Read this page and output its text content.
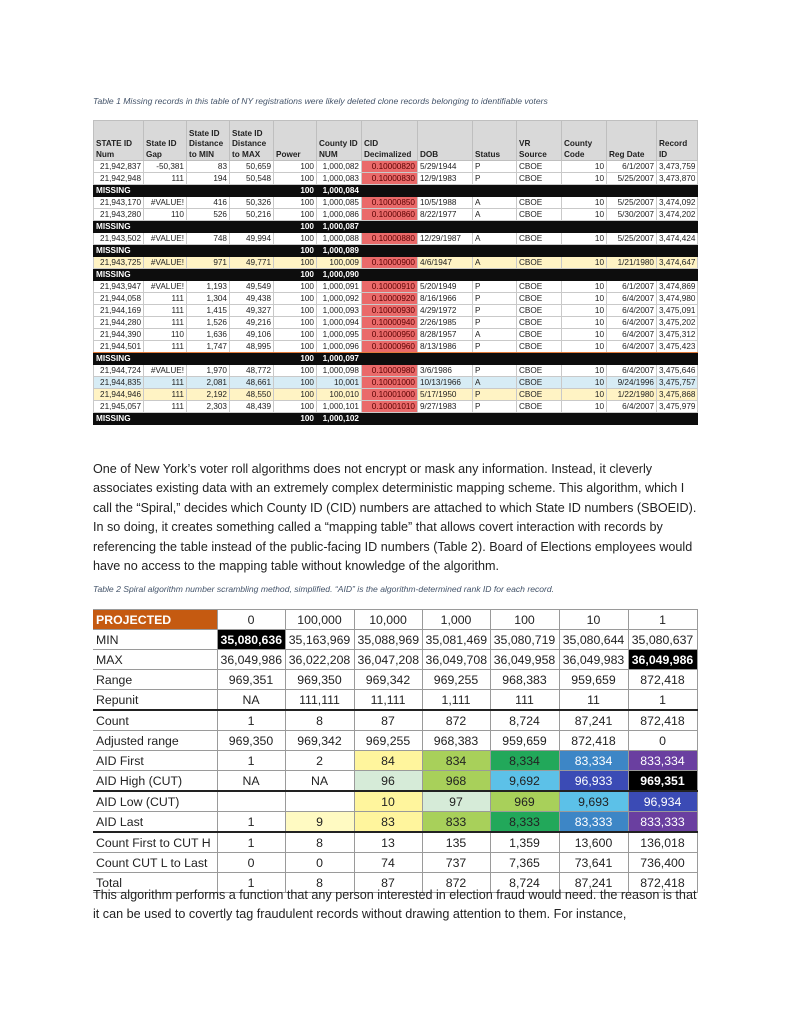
Table 1 Missing records in this table of NY registrations were likely deleted clone records belonging to identifiable voters
STATE ID Num	State ID Gap	State ID Distance to MIN	State ID Distance to MAX	Power	County ID NUM	CID Decimalized	DOB	Status	VR Source	County Code	Reg Date	Record ID
21,942,837	-50,381	83	50,659	100	1,000,082	0.10000820	5/29/1944	P	CBOE	10	6/1/2007	3,473,759
21,942,948	111	194	50,548	100	1,000,083	0.10000830	12/9/1983	P	CBOE	10	5/25/2007	3,473,870
MISSING				100	1,000,084							
21,943,170	#VALUE!	416	50,326	100	1,000,085	0.10000850	10/5/1988	A	CBOE	10	5/25/2007	3,474,092
21,943,280	110	526	50,216	100	1,000,086	0.10000860	8/22/1977	A	CBOE	10	5/30/2007	3,474,202
MISSING				100	1,000,087							
21,943,502	#VALUE!	748	49,994	100	1,000,088	0.10000880	12/29/1987	A	CBOE	10	5/25/2007	3,474,424
MISSING				100	1,000,089							
21,943,725	#VALUE!	971	49,771	100	100,009	0.10000900	4/6/1947	A	CBOE	10	1/21/1980	3,474,647
MISSING				100	1,000,090							
21,943,947	#VALUE!	1,193	49,549	100	1,000,091	0.10000910	5/20/1949	P	CBOE	10	6/1/2007	3,474,869
21,944,058	111	1,304	49,438	100	1,000,092	0.10000920	8/16/1966	P	CBOE	10	6/4/2007	3,474,980
21,944,169	111	1,415	49,327	100	1,000,093	0.10000930	4/29/1972	P	CBOE	10	6/4/2007	3,475,091
21,944,280	111	1,526	49,216	100	1,000,094	0.10000940	2/26/1985	P	CBOE	10	6/4/2007	3,475,202
21,944,390	110	1,636	49,106	100	1,000,095	0.10000950	8/28/1957	A	CBOE	10	6/4/2007	3,475,312
21,944,501	111	1,747	48,995	100	1,000,096	0.10000960	8/13/1986	P	CBOE	10	6/4/2007	3,475,423
MISSING				100	1,000,097							
21,944,724	#VALUE!	1,970	48,772	100	1,000,098	0.10000980	3/6/1986	P	CBOE	10	6/4/2007	3,475,646
21,944,835	111	2,081	48,661	100	10,001	0.10001000	10/13/1966	A	CBOE	10	9/24/1996	3,475,757
21,944,946	111	2,192	48,550	100	100,010	0.10001000	5/17/1950	P	CBOE	10	1/22/1980	3,475,868
21,945,057	111	2,303	48,439	100	1,000,101	0.10001010	9/27/1983	P	CBOE	10	6/4/2007	3,475,979
MISSING				100	1,000,102							

One of New York’s voter roll algorithms does not encrypt or mask any information. Instead, it cleverly associates existing data with an extremely complex deterministic mapping scheme. This algorithm, which I call the “Spiral,” decides which County ID (CID) numbers are attached to which State ID numbers (SBOEID). In so doing, it creates something called a “mapping table” that allows covert interaction with records by referencing the table instead of the public-facing ID numbers (Table 2). Board of Elections employees would have no access to the mapping table without knowledge of the algorithm.

Table 2 Spiral algorithm number scrambling method, simplified. “AID” is the algorithm-determined rank ID for each record.
PROJECTED	0	100,000	10,000	1,000	100	10	1
MIN	35,080,636	35,163,969	35,088,969	35,081,469	35,080,719	35,080,644	35,080,637
MAX	36,049,986	36,022,208	36,047,208	36,049,708	36,049,958	36,049,983	36,049,986
Range	969,351	969,350	969,342	969,255	968,383	959,659	872,418
Repunit	NA	111,111	11,111	1,111	111	11	1
Count	1	8	87	872	8,724	87,241	872,418
Adjusted range	969,350	969,342	969,255	968,383	959,659	872,418	0
AID First	1	2	84	834	8,334	83,334	833,334
AID High (CUT)	NA	NA	96	968	9,692	96,933	969,351
AID Low (CUT)			10	97	969	9,693	96,934
AID Last	1	9	83	833	8,333	83,333	833,333
Count First to CUT H	1	8	13	135	1,359	13,600	136,018
Count CUT L to Last	0	0	74	737	7,365	73,641	736,400
Total	1	8	87	872	8,724	87,241	872,418

This algorithm performs a function that any person interested in election fraud would need. the reason is that it can be used to covertly tag fraudulent records without drawing attention to them. For instance,
